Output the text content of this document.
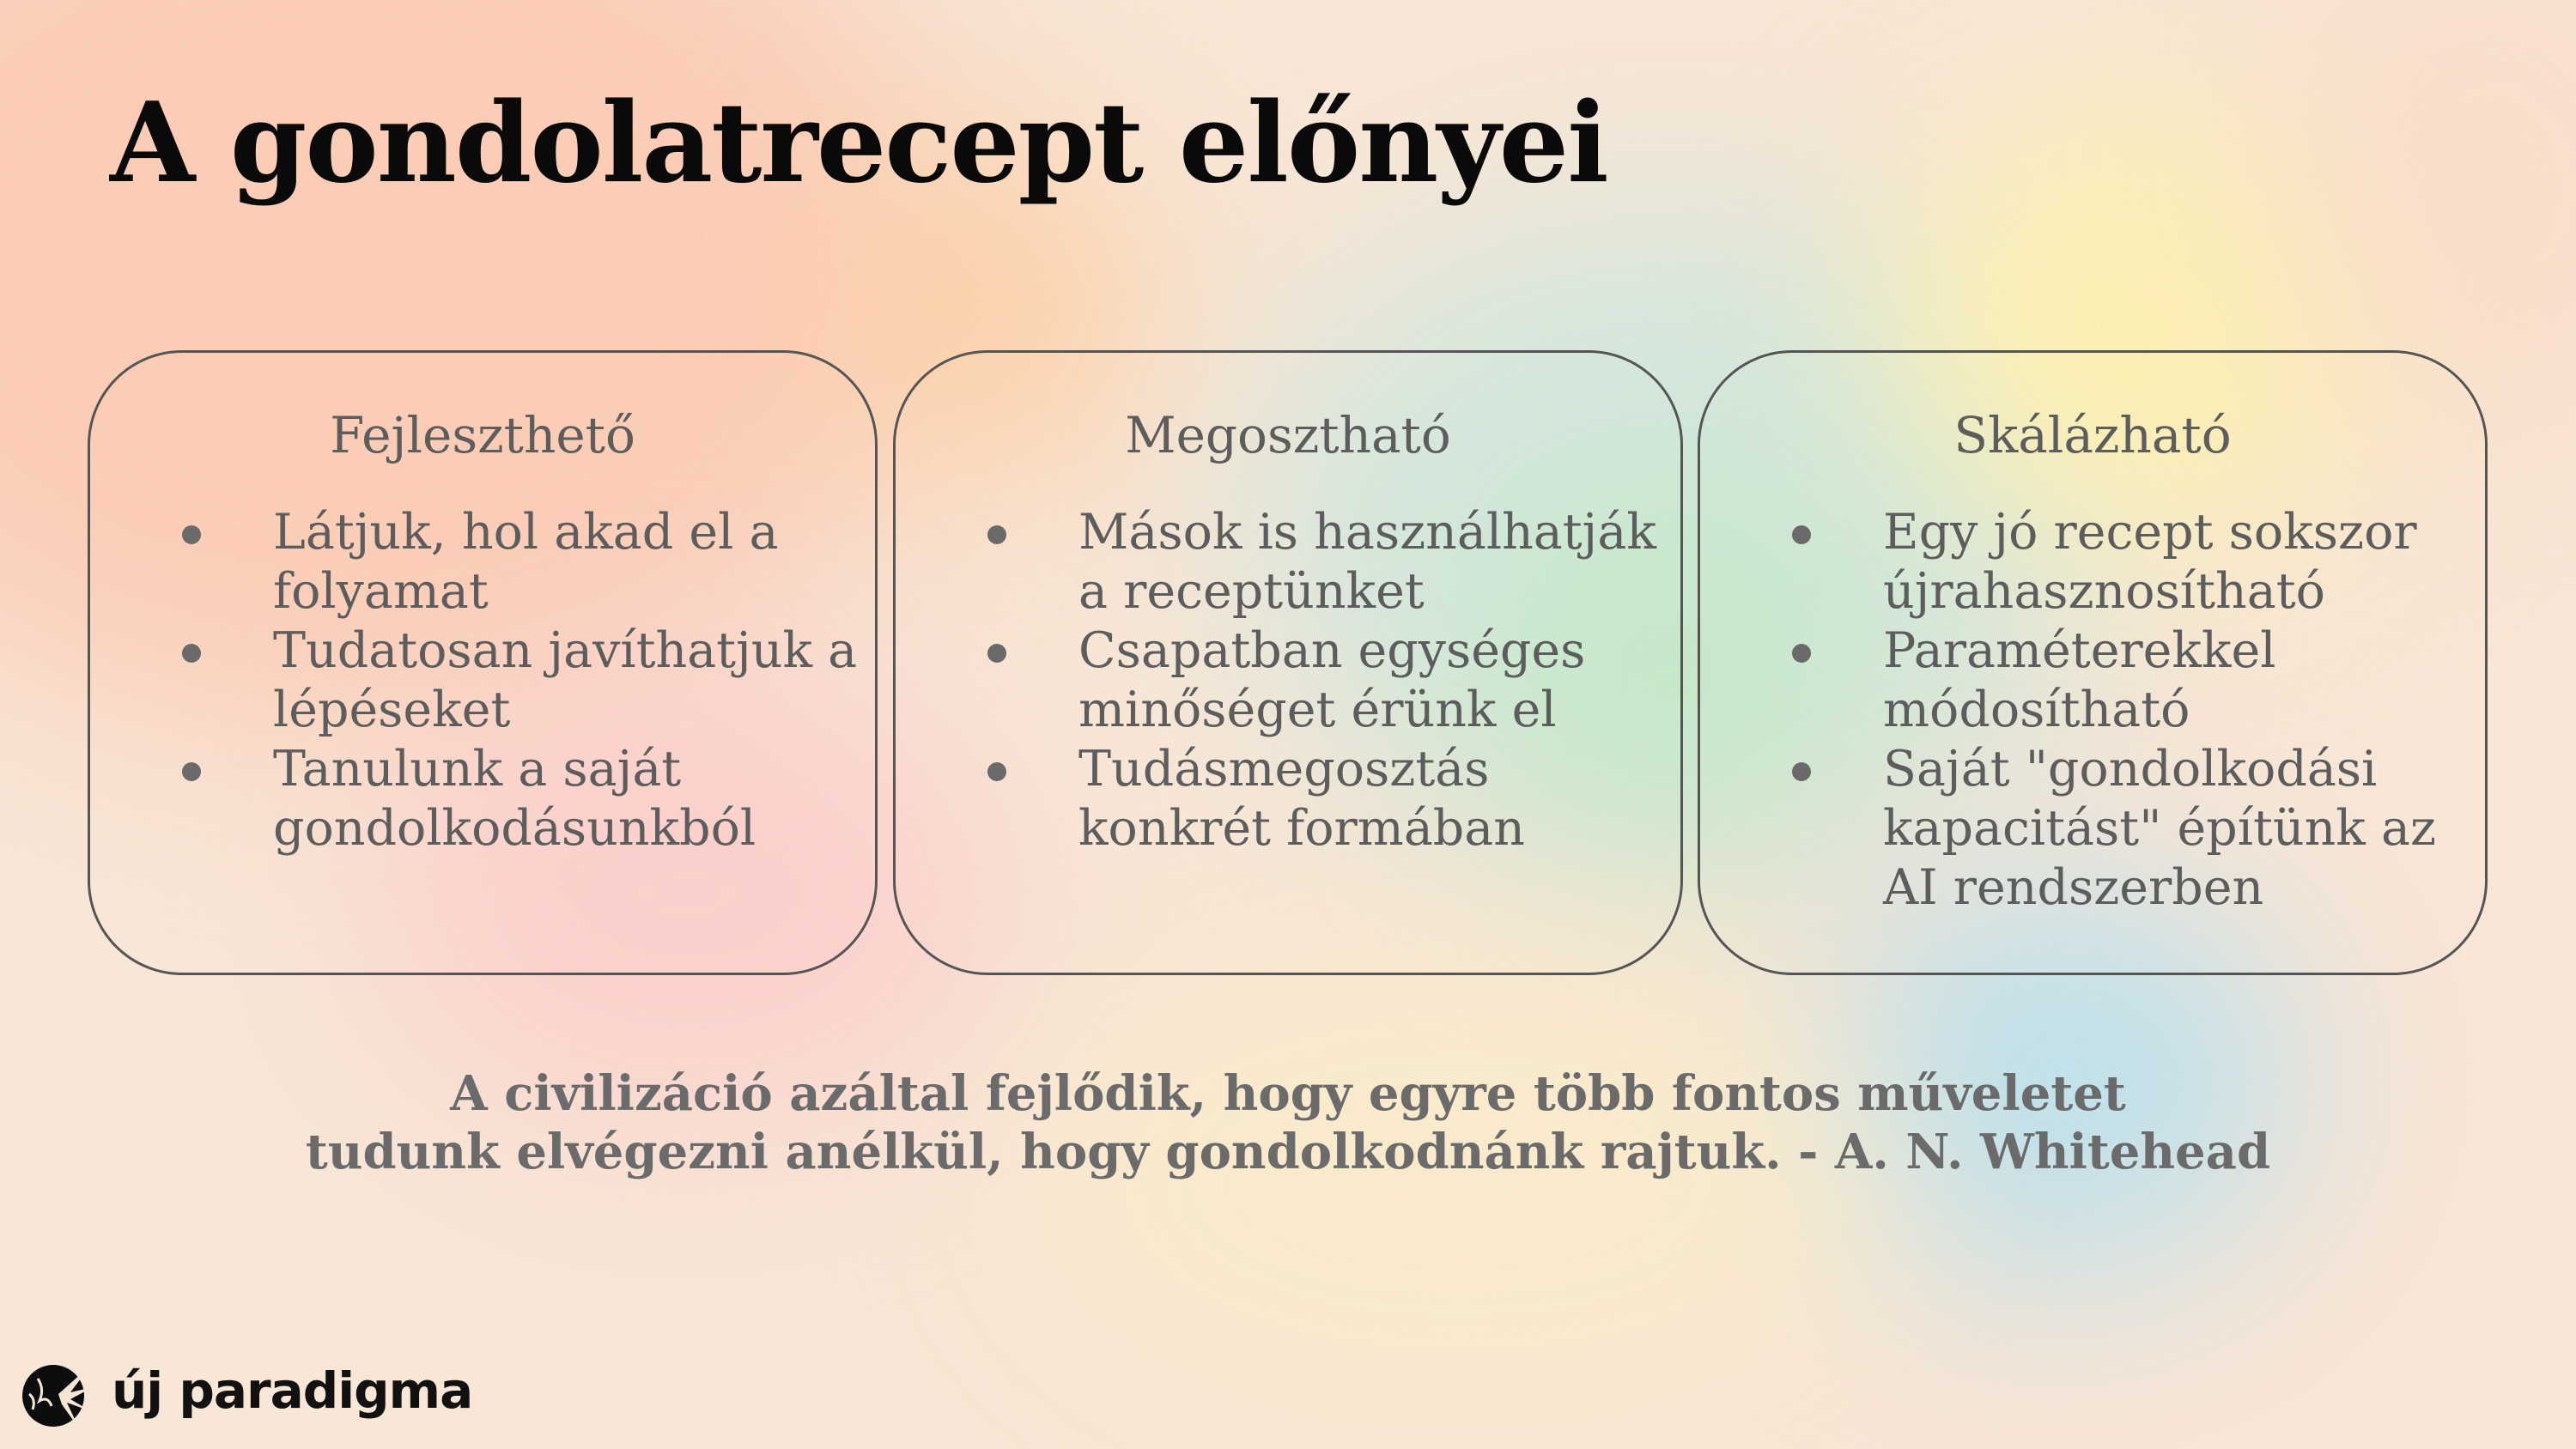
A gondolatrecept előnyei
Fejleszthető
Látjuk, hol akad el a folyamat
Tudatosan javíthatjuk a lépéseket
Tanulunk a saját gondolkodásunkból
Megosztható
Mások is használhatják a receptünket
Csapatban egységes minőséget érünk el
Tudásmegosztás konkrét formában
Skálázható
Egy jó recept sokszor újrahasznosítható
Paraméterekkel módosítható
Saját "gondolkodási kapacitást" építünk az AI rendszerben
A civilizáció azáltal fejlődik, hogy egyre több fontos műveletet
tudunk elvégezni anélkül, hogy gondolkodnánk rajtuk. - A. N. Whitehead
új paradigma
